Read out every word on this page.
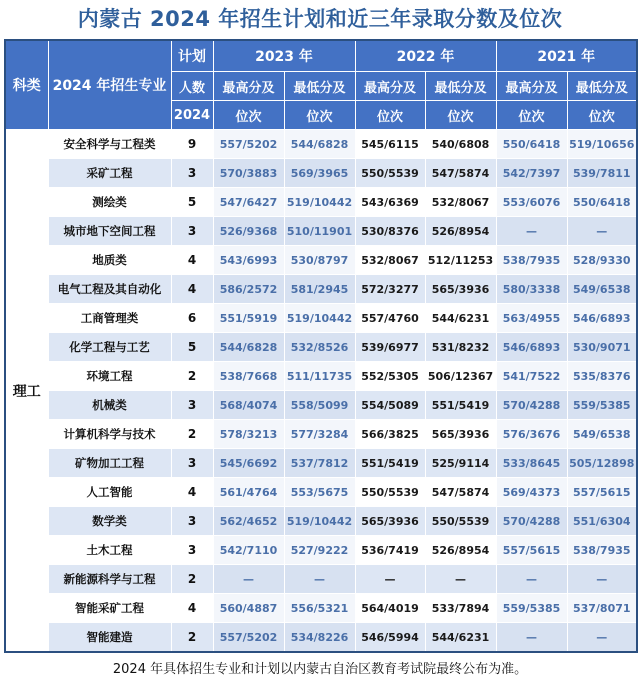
内蒙古 2024 年招生计划和近三年录取分数及位次
科类	2024 年招生专业	计划	2023 年		2022 年		2021 年	
		人数	最高分及	最低分及	最高分及	最低分及	最高分及	最低分及
		2024	位次	位次	位次	位次	位次	位次
理工	安全科学与工程类	9	557/5202	544/6828	545/6115	540/6808	550/6418	519/10656
	采矿工程	3	570/3883	569/3965	550/5539	547/5874	542/7397	539/7811
	测绘类	5	547/6427	519/10442	543/6369	532/8067	553/6076	550/6418
	城市地下空间工程	3	526/9368	510/11901	530/8376	526/8954	—	—
	地质类	4	543/6993	530/8797	532/8067	512/11253	538/7935	528/9330
	电气工程及其自动化	4	586/2572	581/2945	572/3277	565/3936	580/3338	549/6538
	工商管理类	6	551/5919	519/10442	557/4760	544/6231	563/4955	546/6893
	化学工程与工艺	5	544/6828	532/8526	539/6977	531/8232	546/6893	530/9071
	环境工程	2	538/7668	511/11735	552/5305	506/12367	541/7522	535/8376
	机械类	3	568/4074	558/5099	554/5089	551/5419	570/4288	559/5385
	计算机科学与技术	2	578/3213	577/3284	566/3825	565/3936	576/3676	549/6538
	矿物加工工程	3	545/6692	537/7812	551/5419	525/9114	533/8645	505/12898
	人工智能	4	561/4764	553/5675	550/5539	547/5874	569/4373	557/5615
	数学类	3	562/4652	519/10442	565/3936	550/5539	570/4288	551/6304
	土木工程	3	542/7110	527/9222	536/7419	526/8954	557/5615	538/7935
	新能源科学与工程	2	—	—	—	—	—	—
	智能采矿工程	4	560/4887	556/5321	564/4019	533/7894	559/5385	537/8071
	智能建造	2	557/5202	534/8226	546/5994	544/6231	—	—
2024 年具体招生专业和计划以内蒙古自治区教育考试院最终公布为准。
